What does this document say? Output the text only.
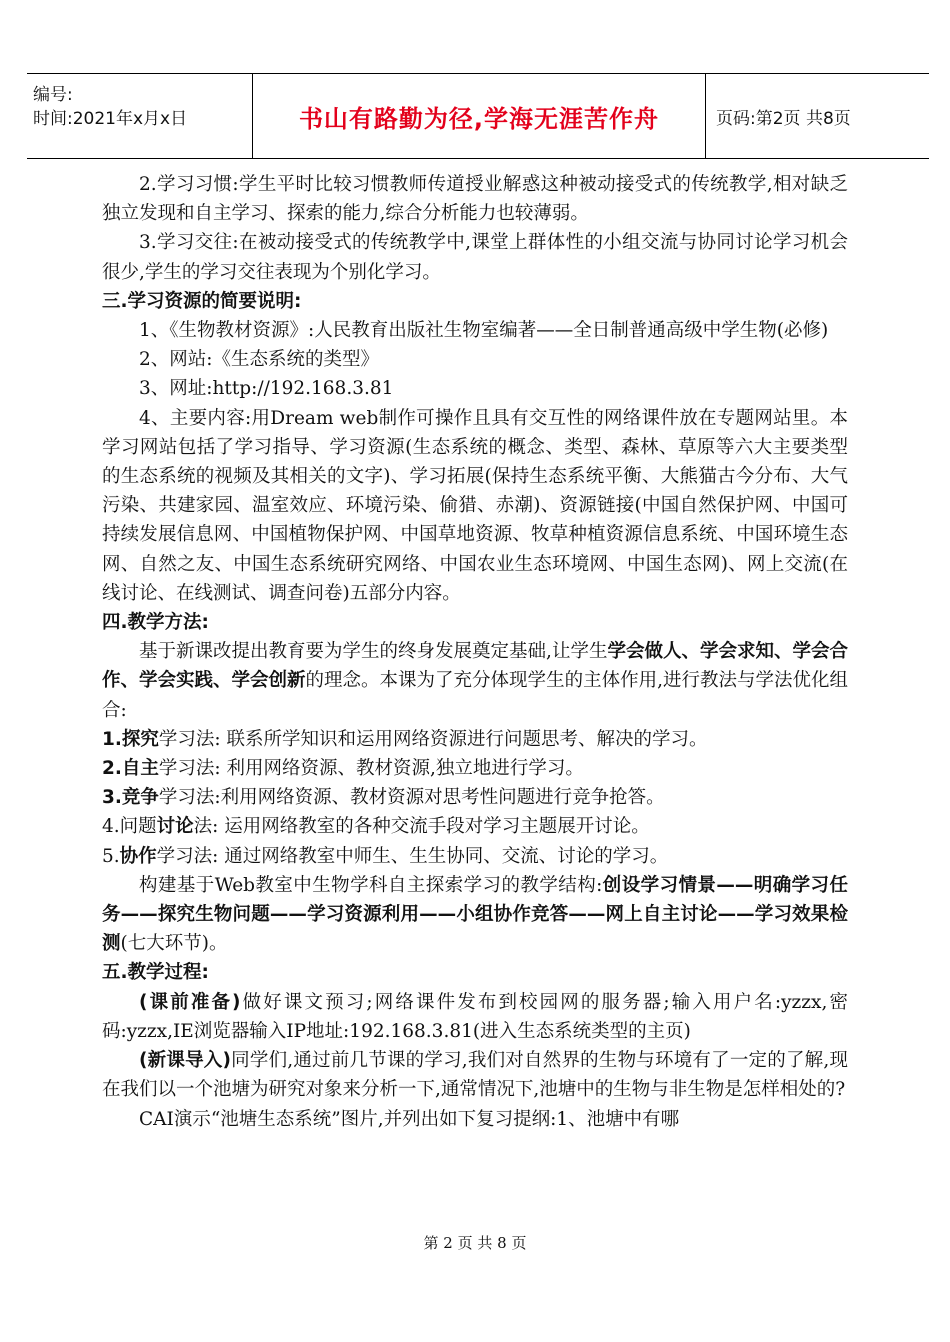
编号:
时间:2021年x月x日	书山有路勤为径,学海无涯苦作舟	页码:第2页 共8页

2.学习习惯:学生平时比较习惯教师传道授业解惑这种被动接受式的传统教学,相对缺乏独立发现和自主学习、探索的能力,综合分析能力也较薄弱。

3.学习交往:在被动接受式的传统教学中,课堂上群体性的小组交流与协同讨论学习机会很少,学生的学习交往表现为个别化学习。

三.学习资源的简要说明:

1、《生物教材资源》:人民教育出版社生物室编著——全日制普通高级中学生物(必修)

2、网站:《生态系统的类型》

3、网址:http://192.168.3.81

4、主要内容:用Dream web制作可操作且具有交互性的网络课件放在专题网站里。本学习网站包括了学习指导、学习资源(生态系统的概念、类型、森林、草原等六大主要类型的生态系统的视频及其相关的文字)、学习拓展(保持生态系统平衡、大熊猫古今分布、大气污染、共建家园、温室效应、环境污染、偷猎、赤潮)、资源链接(中国自然保护网、中国可持续发展信息网、中国植物保护网、中国草地资源、牧草种植资源信息系统、中国环境生态网、自然之友、中国生态系统研究网络、中国农业生态环境网、中国生态网)、网上交流(在线讨论、在线测试、调查问卷)五部分内容。

四.教学方法:

基于新课改提出教育要为学生的终身发展奠定基础,让学生学会做人、学会求知、学会合作、学会实践、学会创新的理念。本课为了充分体现学生的主体作用,进行教法与学法优化组合:

1.探究学习法: 联系所学知识和运用网络资源进行问题思考、解决的学习。

2.自主学习法: 利用网络资源、教材资源,独立地进行学习。

3.竞争学习法:利用网络资源、教材资源对思考性问题进行竞争抢答。

4.问题讨论法: 运用网络教室的各种交流手段对学习主题展开讨论。

5.协作学习法: 通过网络教室中师生、生生协同、交流、讨论的学习。

构建基于Web教室中生物学科自主探索学习的教学结构:创设学习情景——明确学习任务——探究生物问题——学习资源利用——小组协作竞答——网上自主讨论——学习效果检测(七大环节)。

五.教学过程:

(课前准备)做好课文预习;网络课件发布到校园网的服务器;输入用户名:yzzx,密码:yzzx,IE浏览器输入IP地址:192.168.3.81(进入生态系统类型的主页)

(新课导入)同学们,通过前几节课的学习,我们对自然界的生物与环境有了一定的了解,现在我们以一个池塘为研究对象来分析一下,通常情况下,池塘中的生物与非生物是怎样相处的?

CAI演示“池塘生态系统”图片,并列出如下复习提纲:1、池塘中有哪

第 2 页 共 8 页
